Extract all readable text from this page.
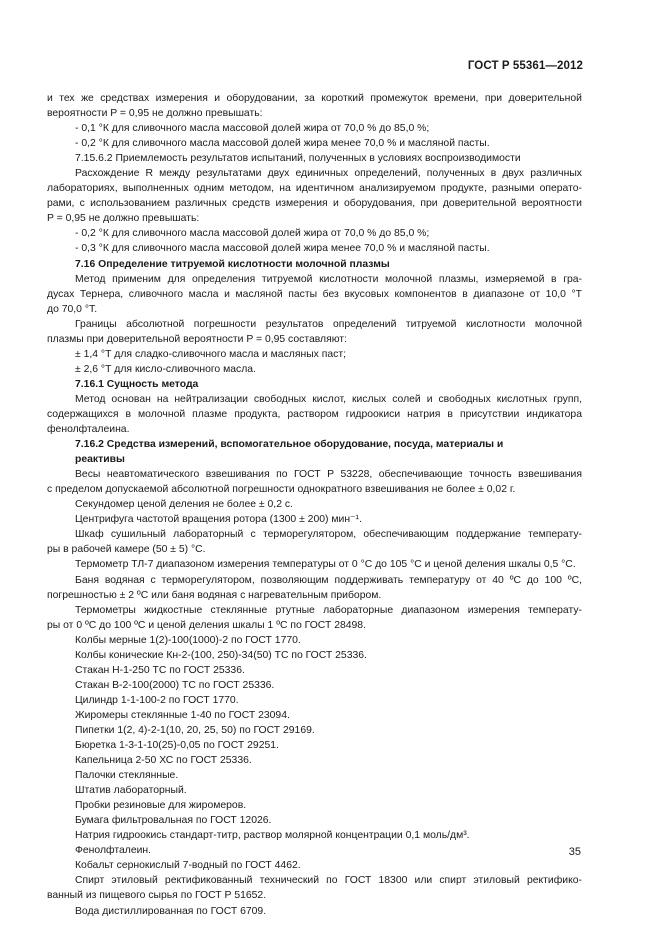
ГОСТ Р 55361—2012

и тех же средствах измерения и оборудовании, за короткий промежуток времени, при доверительной

вероятности P = 0,95 не должно превышать:

- 0,1 °К для сливочного масла массовой долей жира от 70,0 % до 85,0 %;

- 0,2 °К для сливочного масла массовой долей жира менее 70,0 % и масляной пасты.

7.15.6.2 Приемлемость результатов испытаний, полученных в условиях воспроизводимости

Расхождение R между результатами двух единичных определений, полученных в двух различных

лабораториях, выполненных одним методом, на идентичном анализируемом продукте, разными операто-

рами, с использованием различных средств измерения и оборудования, при доверительной вероятности

P = 0,95 не должно превышать:

- 0,2 °К для сливочного масла массовой долей жира от 70,0 % до 85,0 %;

- 0,3 °К для сливочного масла массовой долей жира менее 70,0 % и масляной пасты.

7.16 Определение титруемой кислотности молочной плазмы

Метод применим для определения титруемой кислотности молочной плазмы, измеряемой в гра-

дусах Тернера, сливочного масла и масляной пасты без вкусовых компонентов в диапазоне от 10,0 °Т

до 70,0 °Т.

Границы абсолютной погрешности результатов определений титруемой кислотности молочной

плазмы при доверительной вероятности P = 0,95 составляют:

± 1,4 °Т для сладко-сливочного масла и масляных паст;

± 2,6 °Т для кисло-сливочного масла.

7.16.1 Сущность метода

Метод основан на нейтрализации свободных кислот, кислых солей и свободных кислотных групп,

содержащихся в молочной плазме продукта, раствором гидроокиси натрия в присутствии индикатора

фенолфталеина.

7.16.2 Средства измерений, вспомогательное оборудование, посуда, материалы и

реактивы

Весы неавтоматического взвешивания по ГОСТ Р 53228, обеспечивающие точность взвешивания

с пределом допускаемой абсолютной погрешности однократного взвешивания не более ± 0,02 г.

Секундомер ценой деления не более ± 0,2 с.

Центрифуга частотой вращения ротора (1300 ± 200) мин⁻¹.

Шкаф сушильный лабораторный с терморегулятором, обеспечивающим поддержание температу-

ры в рабочей камере (50 ± 5) °С.

Термометр ТЛ-7 диапазоном измерения температуры от 0 °С до 105 °С и ценой деления шкалы 0,5 °С.

Баня водяная с терморегулятором, позволяющим поддерживать температуру от 40 ºС до 100 ºС,

погрешностью ± 2 ºС или баня водяная с нагревательным прибором.

Термометры жидкостные стеклянные ртутные лабораторные диапазоном измерения температу-

ры от 0 ºС до 100 ºС и ценой деления шкалы 1 ºС по ГОСТ 28498.

Колбы мерные 1(2)-100(1000)-2 по ГОСТ 1770.

Колбы конические Кн-2-(100, 250)-34(50) ТС по ГОСТ 25336.

Стакан Н-1-250 ТС по ГОСТ 25336.

Стакан В-2-100(2000) ТС по ГОСТ 25336.

Цилиндр 1-1-100-2 по ГОСТ 1770.

Жиромеры стеклянные 1-40 по ГОСТ 23094.

Пипетки 1(2, 4)-2-1(10, 20, 25, 50) по ГОСТ 29169.

Бюретка 1-3-1-10(25)-0,05 по ГОСТ 29251.

Капельница 2-50 ХС по ГОСТ 25336.

Палочки стеклянные.

Штатив лабораторный.

Пробки резиновые для жиромеров.

Бумага фильтровальная по ГОСТ 12026.

Натрия гидроокись стандарт-титр, раствор молярной концентрации 0,1 моль/дм³.

Фенолфталеин.

Кобальт сернокислый 7-водный по ГОСТ 4462.

Спирт этиловый ректификованный технический по ГОСТ 18300 или спирт этиловый ректифико-

ванный из пищевого сырья по ГОСТ Р 51652.

Вода дистиллированная по ГОСТ 6709.

35
